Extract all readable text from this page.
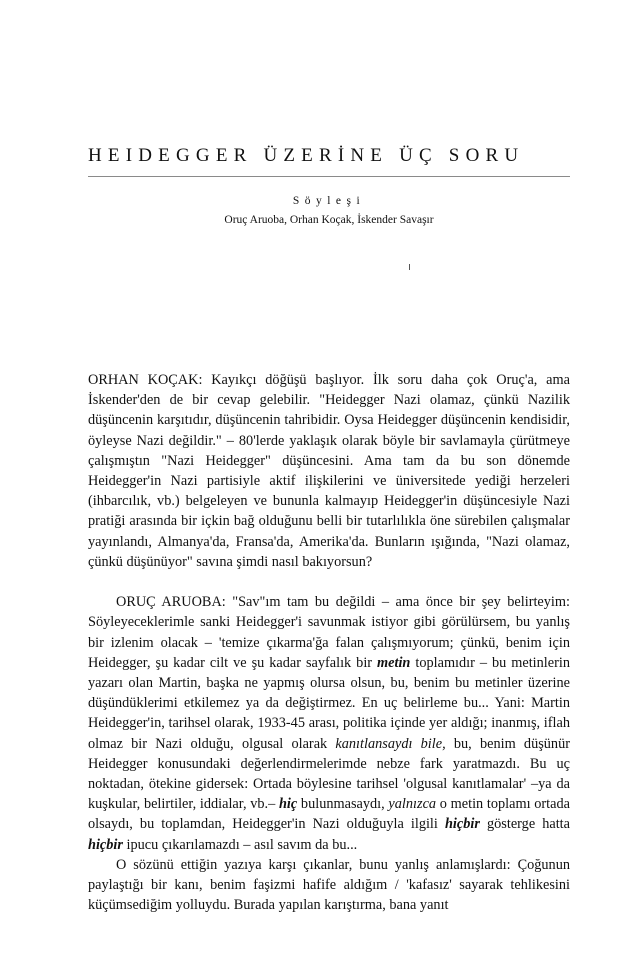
HEIDEGGER ÜZERİNE ÜÇ SORU
Söyleşi
Oruç Aruoba, Orhan Koçak, İskender Savaşır

ORHAN KOÇAK: Kayıkçı döğüşü başlıyor. İlk soru daha çok Oruç'a, ama İskender'den de bir cevap gelebilir. "Heidegger Nazi olamaz, çünkü Nazilik düşüncenin karşıtıdır, düşüncenin tahribidir. Oysa Heidegger düşüncenin kendisidir, öyleyse Nazi değildir." – 80'lerde yaklaşık olarak böyle bir savlamayla çürütmeye çalışmıştın "Nazi Heidegger" düşüncesini. Ama tam da bu son dönemde Heidegger'in Nazi partisiyle aktif ilişkilerini ve üniversitede yediği herzeleri (ihbarcılık, vb.) belgeleyen ve bununla kalmayıp Heidegger'in düşüncesiyle Nazi pratiği arasında bir içkin bağ olduğunu belli bir tutarlılıkla öne sürebilen çalışmalar yayınlandı, Almanya'da, Fransa'da, Amerika'da. Bunların ışığında, "Nazi olamaz, çünkü düşünüyor" savına şimdi nasıl bakıyorsun?

ORUÇ ARUOBA: "Sav"ım tam bu değildi – ama önce bir şey belirteyim: Söyleyeceklerimle sanki Heidegger'i savunmak istiyor gibi görülürsem, bu yanlış bir izlenim olacak – 'temize çıkarma'ğa falan çalışmıyorum; çünkü, benim için Heidegger, şu kadar cilt ve şu kadar sayfalık bir metin toplamıdır – bu metinlerin yazarı olan Martin, başka ne yapmış olursa olsun, bu, benim bu metinler üzerine düşündüklerimi etkilemez ya da değiştirmez. En uç belirleme bu... Yani: Martin Heidegger'in, tarihsel olarak, 1933-45 arası, politika içinde yer aldığı; inanmış, iflah olmaz bir Nazi olduğu, olgusal olarak kanıtlansaydı bile, bu, benim düşünür Heidegger konusundaki değerlendirmelerimde nebze fark yaratmazdı. Bu uç noktadan, ötekine gidersek: Ortada böylesine tarihsel 'olgusal kanıtlamalar' –ya da kuşkular, belirtiler, iddialar, vb.– hiç bulunmasaydı, yalnızca o metin toplamı ortada olsaydı, bu toplamdan, Heidegger'in Nazi olduğuyla ilgili hiçbir gösterge hatta hiçbir ipucu çıkarılamazdı – asıl savım da bu...

O sözünü ettiğin yazıya karşı çıkanlar, bunu yanlış anlamışlardı: Çoğunun paylaştığı bir kanı, benim faşizmi hafife aldığım / 'kafasız' sayarak tehlikesini küçümsediğim yolluydu. Burada yapılan karıştırma, bana yanıt
